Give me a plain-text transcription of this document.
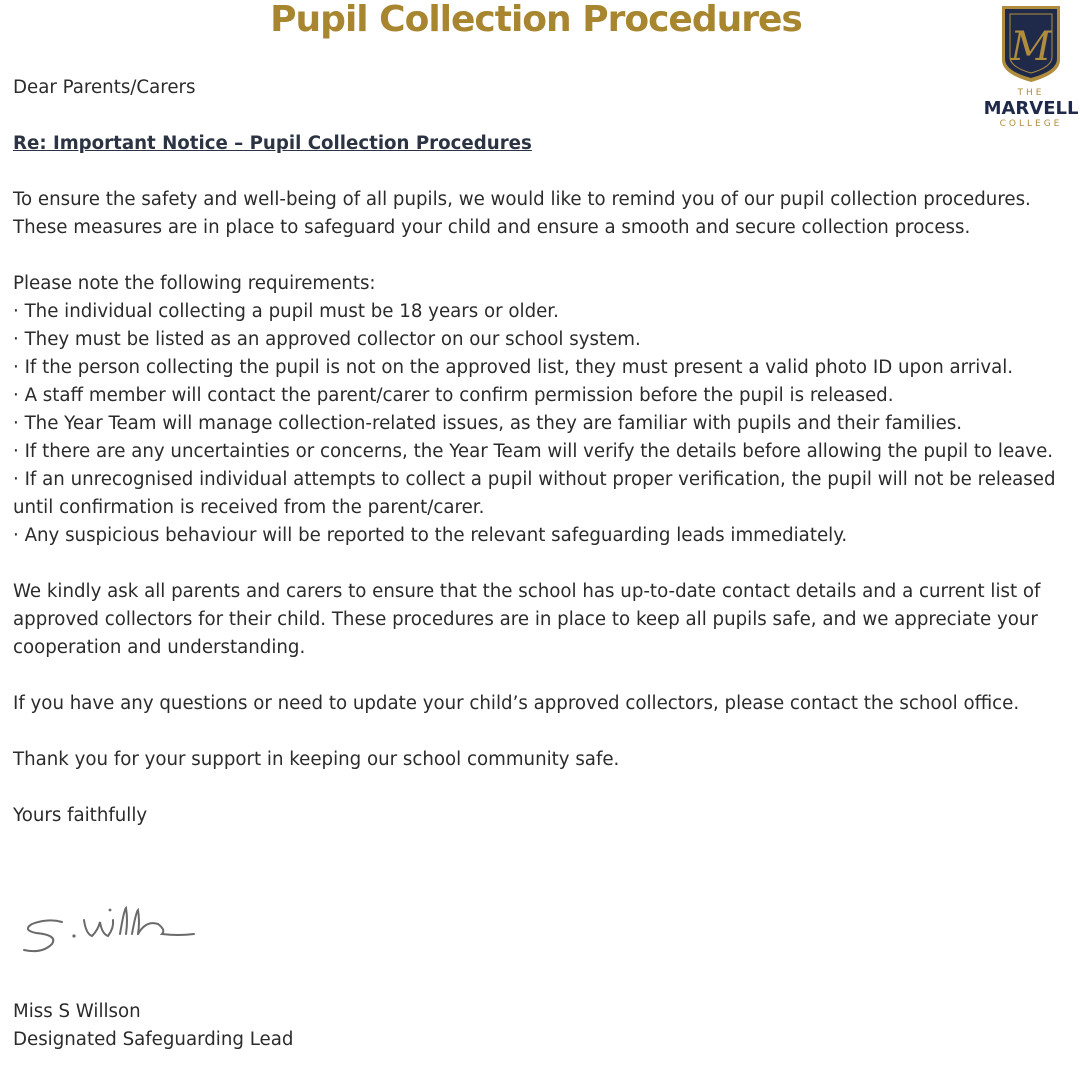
Pupil Collection Procedures
M
THE
MARVELL
COLLEGE

Dear Parents/Carers

Re: Important Notice – Pupil Collection Procedures

To ensure the safety and well-being of all pupils, we would like to remind you of our pupil collection procedures. These measures are in place to safeguard your child and ensure a smooth and secure collection process.

Please note the following requirements:

· The individual collecting a pupil must be 18 years or older.

· They must be listed as an approved collector on our school system.

· If the person collecting the pupil is not on the approved list, they must present a valid photo ID upon arrival.

· A staff member will contact the parent/carer to confirm permission before the pupil is released.

· The Year Team will manage collection-related issues, as they are familiar with pupils and their families.

· If there are any uncertainties or concerns, the Year Team will verify the details before allowing the pupil to leave.

· If an unrecognised individual attempts to collect a pupil without proper verification, the pupil will not be released until confirmation is received from the parent/carer.

· Any suspicious behaviour will be reported to the relevant safeguarding leads immediately.

We kindly ask all parents and carers to ensure that the school has up-to-date contact details and a current list of approved collectors for their child. These procedures are in place to keep all pupils safe, and we appreciate your cooperation and understanding.

If you have any questions or need to update your child’s approved collectors, please contact the school office.

Thank you for your support in keeping our school community safe.

Yours faithfully

Miss S Willson

Designated Safeguarding Lead
